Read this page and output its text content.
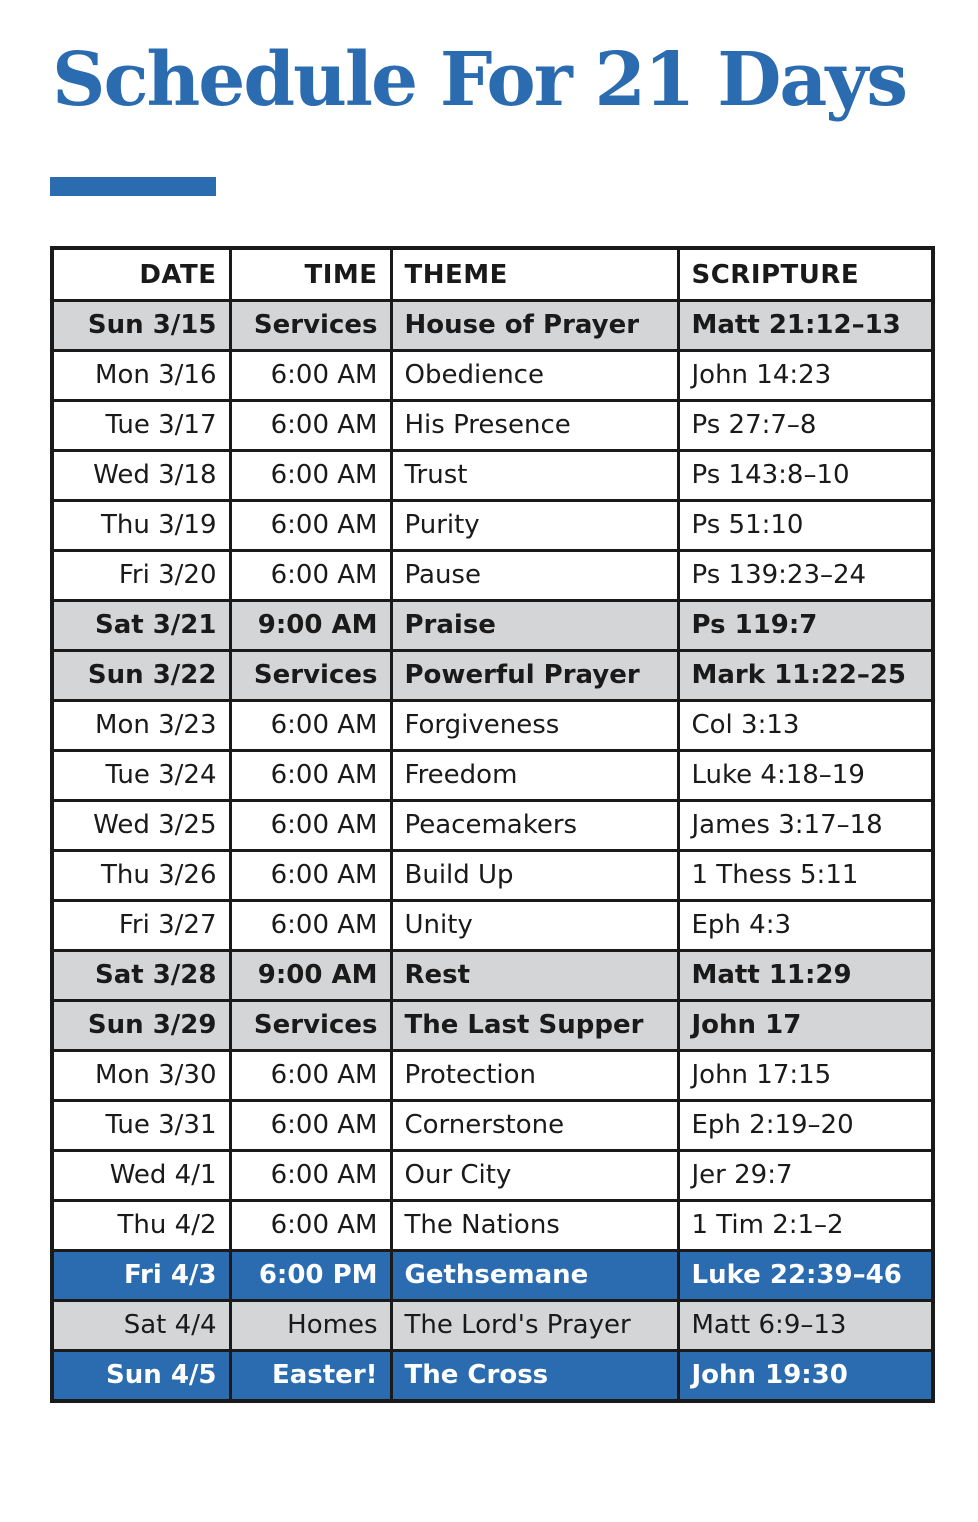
Schedule For 21 Days
DATE	TIME	THEME	SCRIPTURE
Sun 3/15	Services	House of Prayer	Matt 21:12–13
Mon 3/16	6:00 AM	Obedience	John 14:23
Tue 3/17	6:00 AM	His Presence	Ps 27:7–8
Wed 3/18	6:00 AM	Trust	Ps 143:8–10
Thu 3/19	6:00 AM	Purity	Ps 51:10
Fri 3/20	6:00 AM	Pause	Ps 139:23–24
Sat 3/21	9:00 AM	Praise	Ps 119:7
Sun 3/22	Services	Powerful Prayer	Mark 11:22–25
Mon 3/23	6:00 AM	Forgiveness	Col 3:13
Tue 3/24	6:00 AM	Freedom	Luke 4:18–19
Wed 3/25	6:00 AM	Peacemakers	James 3:17–18
Thu 3/26	6:00 AM	Build Up	1 Thess 5:11
Fri 3/27	6:00 AM	Unity	Eph 4:3
Sat 3/28	9:00 AM	Rest	Matt 11:29
Sun 3/29	Services	The Last Supper	John 17
Mon 3/30	6:00 AM	Protection	John 17:15
Tue 3/31	6:00 AM	Cornerstone	Eph 2:19–20
Wed 4/1	6:00 AM	Our City	Jer 29:7
Thu 4/2	6:00 AM	The Nations	1 Tim 2:1–2
Fri 4/3	6:00 PM	Gethsemane	Luke 22:39–46
Sat 4/4	Homes	The Lord's Prayer	Matt 6:9–13
Sun 4/5	Easter!	The Cross	John 19:30
